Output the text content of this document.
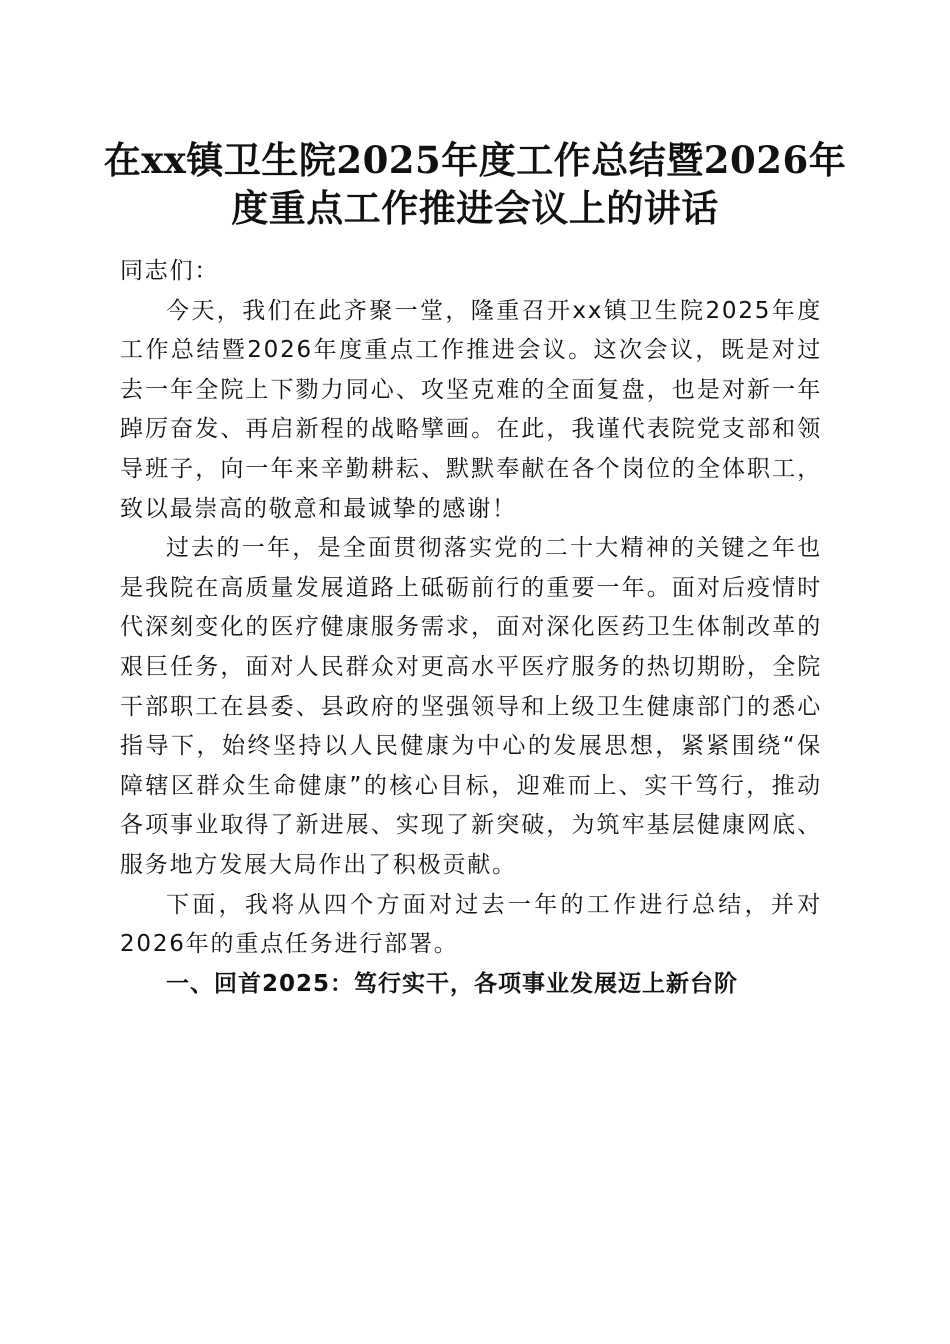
在xx镇卫生院2025年度工作总结暨2026年
度重点工作推进会议上的讲话

同志们：

今天，我们在此齐聚一堂，隆重召开xx镇卫生院2025年度工作总结暨2026年度重点工作推进会议。这次会议，既是对过去一年全院上下勠力同心、攻坚克难的全面复盘，也是对新一年踔厉奋发、再启新程的战略擘画。在此，我谨代表院党支部和领导班子，向一年来辛勤耕耘、默默奉献在各个岗位的全体职工，致以最崇高的敬意和最诚挚的感谢！

过去的一年，是全面贯彻落实党的二十大精神的关键之年也是我院在高质量发展道路上砥砺前行的重要一年。面对后疫情时代深刻变化的医疗健康服务需求，面对深化医药卫生体制改革的艰巨任务，面对人民群众对更高水平医疗服务的热切期盼，全院干部职工在县委、县政府的坚强领导和上级卫生健康部门的悉心指导下，始终坚持以人民健康为中心的发展思想，紧紧围绕“保障辖区群众生命健康”的核心目标，迎难而上、实干笃行，推动各项事业取得了新进展、实现了新突破，为筑牢基层健康网底、服务地方发展大局作出了积极贡献。

下面，我将从四个方面对过去一年的工作进行总结，并对2026年的重点任务进行部署。

一、回首2025：笃行实干，各项事业发展迈上新台阶
